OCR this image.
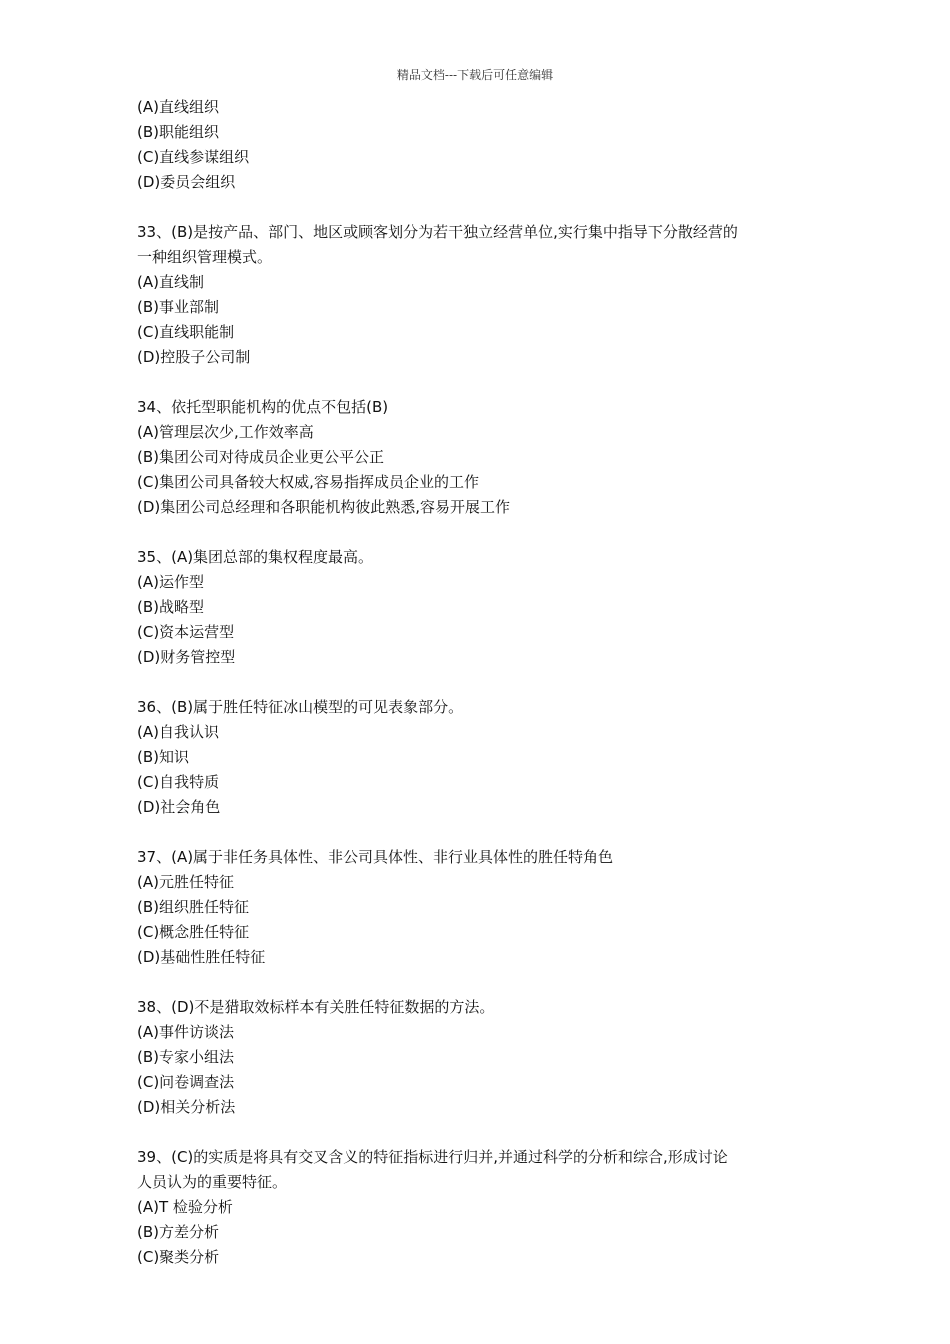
精品文档---下载后可任意编辑
(A)直线组织
(B)职能组织
(C)直线参谋组织
(D)委员会组织
33、(B)是按产品、部门、地区或顾客划分为若干独立经营单位,实行集中指导下分散经营的
一种组织管理模式。
(A)直线制
(B)事业部制
(C)直线职能制
(D)控股子公司制
34、依托型职能机构的优点不包括(B)
(A)管理层次少,工作效率高
(B)集团公司对待成员企业更公平公正
(C)集团公司具备较大权威,容易指挥成员企业的工作
(D)集团公司总经理和各职能机构彼此熟悉,容易开展工作
35、(A)集团总部的集权程度最高。
(A)运作型
(B)战略型
(C)资本运营型
(D)财务管控型
36、(B)属于胜任特征冰山模型的可见表象部分。
(A)自我认识
(B)知识
(C)自我特质
(D)社会角色
37、(A)属于非任务具体性、非公司具体性、非行业具体性的胜任特角色
(A)元胜任特征
(B)组织胜任特征
(C)概念胜任特征
(D)基础性胜任特征
38、(D)不是猎取效标样本有关胜任特征数据的方法。
(A)事件访谈法
(B)专家小组法
(C)问卷调查法
(D)相关分析法
39、(C)的实质是将具有交叉含义的特征指标进行归并,并通过科学的分析和综合,形成讨论
人员认为的重要特征。
(A)T 检验分析
(B)方差分析
(C)聚类分析
